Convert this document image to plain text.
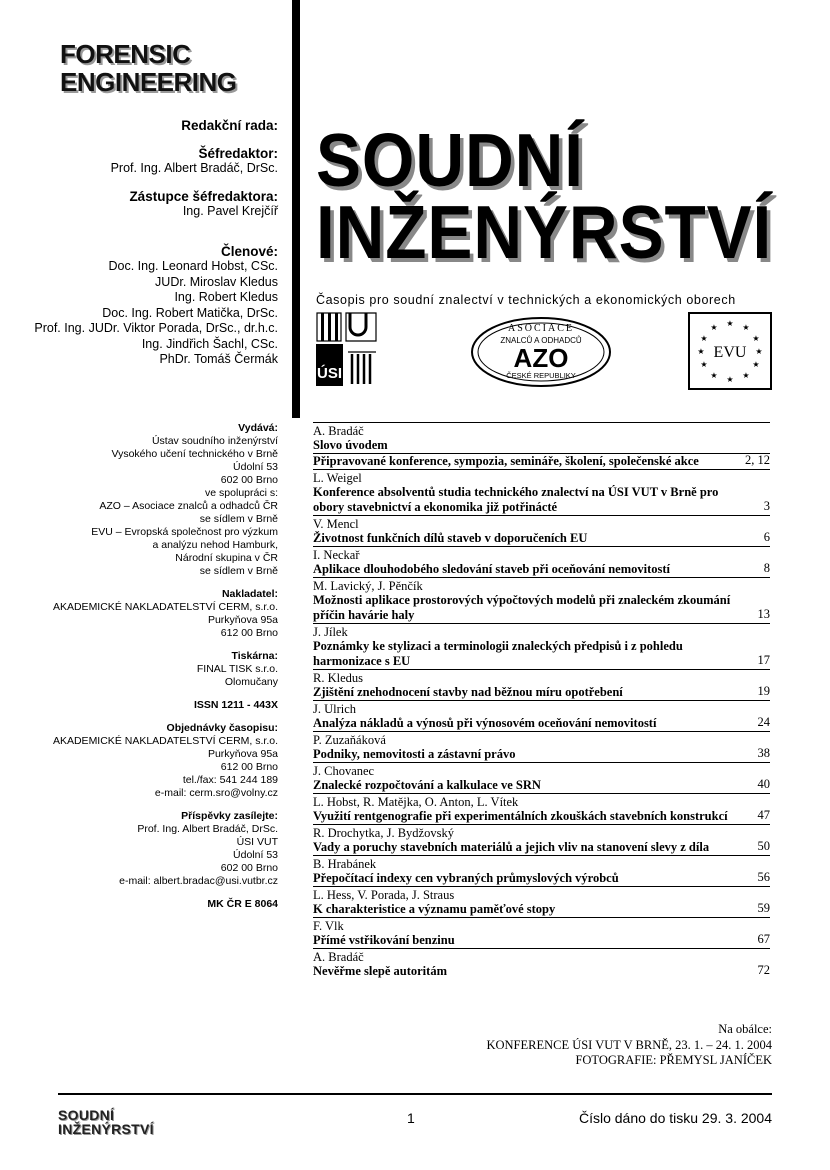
FORENSIC
ENGINEERING
Redakční rada:
Šéfredaktor:
Prof. Ing. Albert Bradáč, DrSc.
Zástupce šéfredaktora:
Ing. Pavel Krejčíř
Členové:
Doc. Ing. Leonard Hobst, CSc.
JUDr. Miroslav Kledus
Ing. Robert Kledus
Doc. Ing. Robert Matička, DrSc.
Prof. Ing. JUDr. Viktor Porada, DrSc., dr.h.c.
Ing. Jindřich Šachl, CSc.
PhDr. Tomáš Čermák
SOUDNÍ
INŽENÝRSTVÍ
Časopis pro soudní znalectví v technických a ekonomických oborech
ÚSI
ASOCIACE
ZNALCŮ A ODHADCŮ
AZO
ČESKÉ REPUBLIKY
★ ★
★
★
★
★
★
★
★
★
★
★
EVU
Vydává:
Ústav soudního inženýrství
Vysokého učení technického v Brně
Údolní 53
602 00 Brno
ve spolupráci s:
AZO – Asociace znalců a odhadců ČR
se sídlem v Brně
EVU – Evropská společnost pro výzkum
a analýzu nehod Hamburk,
Národní skupina v ČR
se sídlem v Brně
Nakladatel:
AKADEMICKÉ NAKLADATELSTVÍ CERM, s.r.o.
Purkyňova 95a
612 00 Brno
Tiskárna:
FINAL TISK s.r.o.
Olomučany
ISSN 1211 - 443X
Objednávky časopisu:
AKADEMICKÉ NAKLADATELSTVÍ CERM, s.r.o.
Purkyňova 95a
612 00 Brno
tel./fax: 541 244 189
e-mail: cerm.sro@volny.cz
Příspěvky zasílejte:
Prof. Ing. Albert Bradáč, DrSc.
ÚSI VUT
Údolní 53
602 00 Brno
e-mail: albert.bradac@usi.vutbr.cz
MK ČR E 8064
A. Bradáč
Slovo úvodem
Připravované konference, sympozia, semináře, školení, společenské akce	2, 12
L. Weigel
Konference absolventů studia technického znalectví na ÚSI VUT v Brně pro obory stavebnictví a ekonomika již potřinácté	3
V. Mencl
Životnost funkčních dílů staveb v doporučeních EU	6
I. Neckař
Aplikace dlouhodobého sledování staveb při oceňování nemovitostí	8
M. Lavický, J. Pěnčík
Možnosti aplikace prostorových výpočtových modelů při znaleckém zkoumání příčin havárie haly	13
J. Jílek
Poznámky ke stylizaci a terminologii znaleckých předpisů i z pohledu harmonizace s EU	17
R. Kledus
Zjištění znehodnocení stavby nad běžnou míru opotřebení	19
J. Ulrich
Analýza nákladů a výnosů při výnosovém oceňování nemovitostí	24
P. Zuzaňáková
Podniky, nemovitosti a zástavní právo	38
J. Chovanec
Znalecké rozpočtování a kalkulace ve SRN	40
L. Hobst, R. Matějka, O. Anton, L. Vítek
Využití rentgenografie při experimentálních zkouškách stavebních konstrukcí	47
R. Drochytka, J. Bydžovský
Vady a poruchy stavebních materiálů a jejich vliv na stanovení slevy z díla	50
B. Hrabánek
Přepočítací indexy cen vybraných průmyslových výrobců	56
L. Hess, V. Porada, J. Straus
K charakteristice a významu paměťové stopy	59
F. Vlk
Přímé vstřikování benzinu	67
A. Bradáč
Nevěřme slepě autoritám	72
Na obálce:
KONFERENCE ÚSI VUT V BRNĚ, 23. 1. – 24. 1. 2004
FOTOGRAFIE: PŘEMYSL JANÍČEK
SOUDNÍ
INŽENÝRSTVÍ
1	Číslo dáno do tisku 29. 3. 2004
